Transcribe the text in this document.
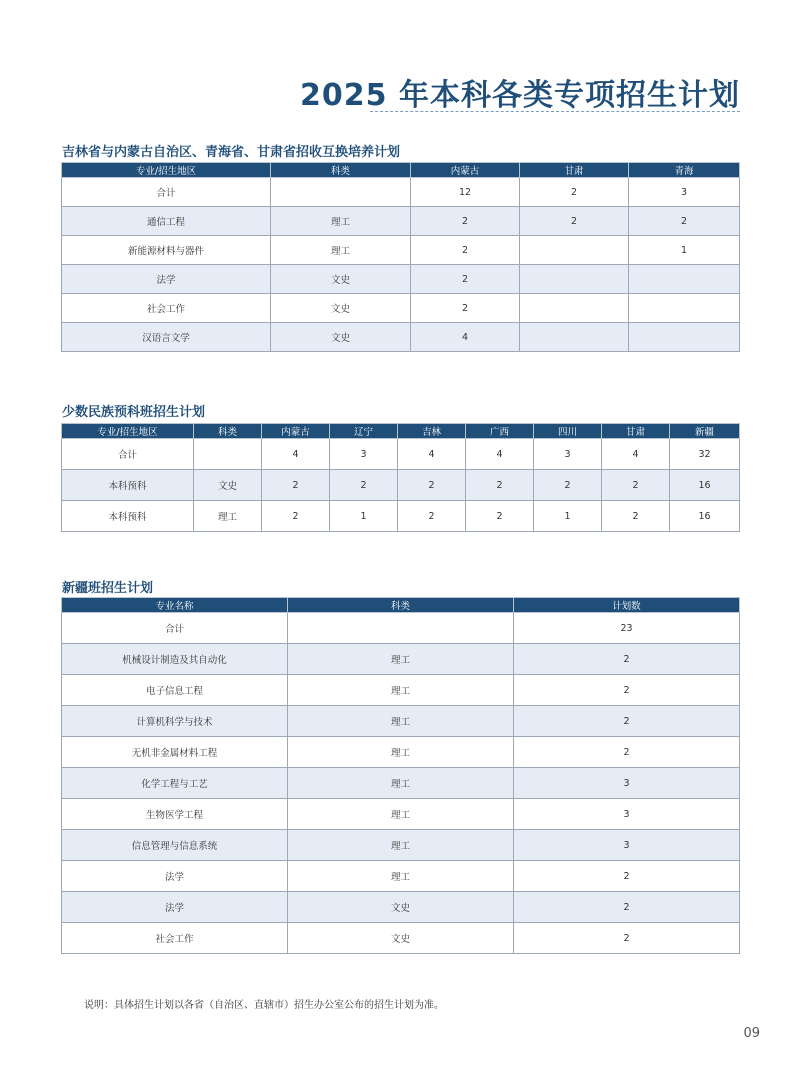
2025 年本科各类专项招生计划
吉林省与内蒙古自治区、青海省、甘肃省招收互换培养计划
专业/招生地区	科类	内蒙古	甘肃	青海
合计		12	2	3
通信工程	理工	2	2	2
新能源材料与器件	理工	2		1
法学	文史	2		
社会工作	文史	2		
汉语言文学	文史	4		
少数民族预科班招生计划
专业/招生地区	科类	内蒙古	辽宁	吉林	广西	四川	甘肃	新疆
合计		4	3	4	4	3	4	32
本科预科	文史	2	2	2	2	2	2	16
本科预科	理工	2	1	2	2	1	2	16
新疆班招生计划
专业名称	科类	计划数
合计		23
机械设计制造及其自动化	理工	2
电子信息工程	理工	2
计算机科学与技术	理工	2
无机非金属材料工程	理工	2
化学工程与工艺	理工	3
生物医学工程	理工	3
信息管理与信息系统	理工	3
法学	理工	2
法学	文史	2
社会工作	文史	2
说明：具体招生计划以各省（自治区、直辖市）招生办公室公布的招生计划为准。
09
